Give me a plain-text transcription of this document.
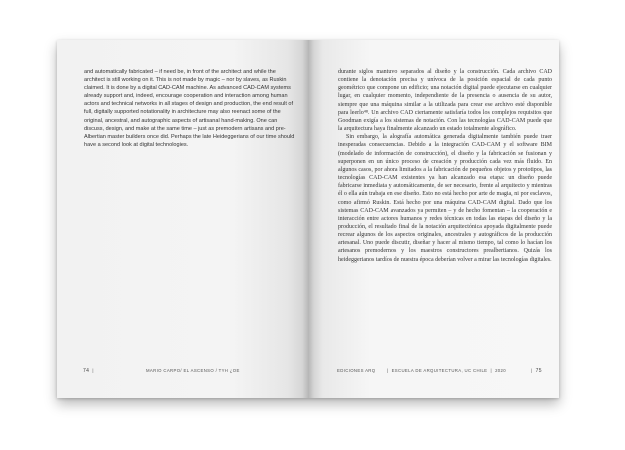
and automatically fabricated – if need be, in front of the architect and while the architect is still working on it. This is not made by magic – nor by slaves, as Ruskin claimed. It is done by a digital CAD-CAM machine. As advanced CAD-CAM systems already support and, indeed, encourage cooperation and interaction among human actors and technical networks in all stages of design and production, the end result of full, digitally supported notationality in architecture may also reenact some of the original, ancestral, and autographic aspects of artisanal hand-making. One can discuss, design, and make at the same time – just as premodern artisans and pre-Albertian master builders once did. Perhaps the late Heideggerians of our time should have a second look at digital technologies.

durante siglos mantuvo separados al diseño y la construcción. Cada archivo CAD contiene la denotación precisa y unívoca de la posición espacial de cada punto geométrico que compone un edificio; una notación digital puede ejecutarse en cualquier lugar, en cualquier momento, independiente de la presencia o ausencia de su autor, siempre que una máquina similar a la utilizada para crear ese archivo esté disponible para leerlo⁴⁸. Un archivo CAD ciertamente satisfaría todos los complejos requisitos que Goodman exigía a los sistemas de notación. Con las tecnologías CAD-CAM puede que la arquitectura haya finalmente alcanzado un estado totalmente alográfico.

Sin embargo, la alografía automática generada digitalmente también puede traer inesperadas consecuencias. Debido a la integración CAD-CAM y el software BIM (modelado de información de construcción), el diseño y la fabricación se fusionan y superponen en un único proceso de creación y producción cada vez más fluido. En algunos casos, por ahora limitados a la fabricación de pequeños objetos y prototipos, las tecnologías CAD-CAM existentes ya han alcanzado esa etapa: un diseño puede fabricarse inmediata y automáticamente, de ser necesario, frente al arquitecto y mientras él o ella aún trabaja en ese diseño. Esto no está hecho por arte de magia, ni por esclavos, como afirmó Ruskin. Está hecho por una máquina CAD-CAM digital. Dado que los sistemas CAD-CAM avanzados ya permiten – y de hecho fomentan – la cooperación e interacción entre actores humanos y redes técnicas en todas las etapas del diseño y la producción, el resultado final de la notación arquitectónica apoyada digitalmente puede recrear algunos de los aspectos originales, ancestrales y autográficos de la producción artesanal. Uno puede discutir, diseñar y hacer al mismo tiempo, tal como lo hacían los artesanos premodernos y los maestros constructores prealbertianos. Quizás los heideggerianos tardíos de nuestra época deberían volver a mirar las tecnologías digitales.

74  |	MARIO CARPO/ EL ASCENSO / TYH ¿OE	EDICIONES ARQ	|  ESCUELA DE ARQUITECTURA, UC CHILE  |  2020	|  75
